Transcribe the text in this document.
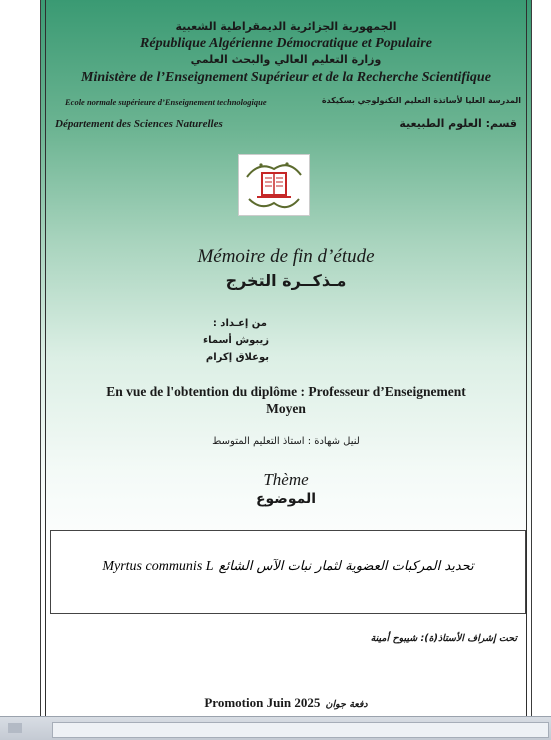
الجمهورية الجزائرية الديمقراطية الشعبية
République Algérienne Démocratique et Populaire
وزارة التعليم العالي والبحث العلمي
Ministère de l’Enseignement Supérieur et de la Recherche Scientifique
Ecole normale supérieure d’Enseignement technologique	المدرسة العليا لأساتذة التعليم التكنولوجي بسكيكدة
Département des Sciences Naturelles	قسم: العلوم الطبيعية
Mémoire de fin d’étude
مـذكــرة التخرج
من إعـداد :
زيبوش أسماء
بوعلاق إكرام
En vue de l'obtention du diplôme : Professeur d’Enseignement
Moyen
لنيل شهادة : استاذ التعليم المتوسط
Thème
الموضوع
Myrtus communis L تحديد المركبات العضوية لثمار نبات الآس الشائع
تحت إشراف الأستاذ(ة): شيبوح أمينة
Promotion Juin 2025 دفعة جوان
